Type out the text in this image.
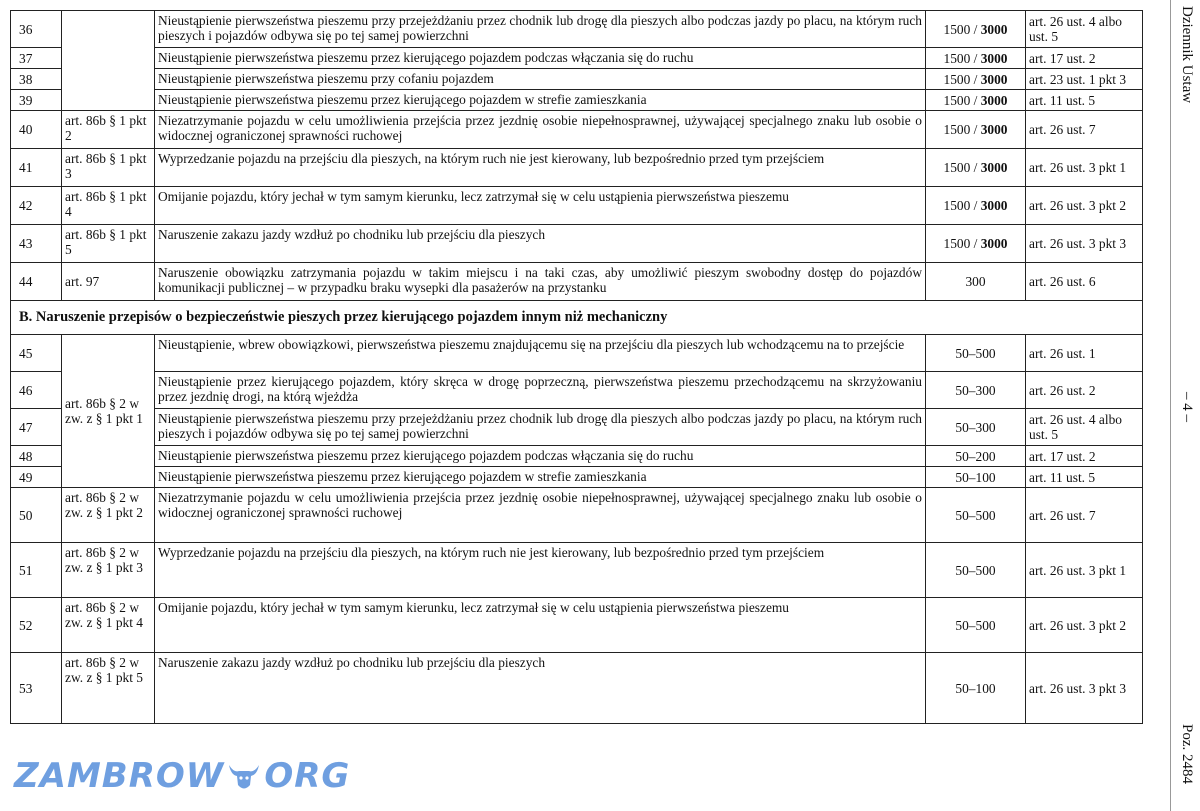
36		Nieustąpienie pierwszeństwa pieszemu przy przejeżdżaniu przez chodnik lub drogę dla pieszych albo podczas jazdy po placu, na którym ruch pieszych i pojazdów odbywa się po tej samej powierzchni	1500 / 3000	art. 26 ust. 4 albo ust. 5
37		Nieustąpienie pierwszeństwa pieszemu przez kierującego pojazdem podczas włączania się do ruchu	1500 / 3000	art. 17 ust. 2
38		Nieustąpienie pierwszeństwa pieszemu przy cofaniu pojazdem	1500 / 3000	art. 23 ust. 1 pkt 3
39		Nieustąpienie pierwszeństwa pieszemu przez kierującego pojazdem w strefie zamieszkania	1500 / 3000	art. 11 ust. 5
40	art. 86b § 1 pkt 2	Niezatrzymanie pojazdu w celu umożliwienia przejścia przez jezdnię osobie niepełnosprawnej, używającej specjalnego znaku lub osobie o widocznej ograniczonej sprawności ruchowej	1500 / 3000	art. 26 ust. 7
41	art. 86b § 1 pkt 3	Wyprzedzanie pojazdu na przejściu dla pieszych, na którym ruch nie jest kierowany, lub bezpośrednio przed tym przejściem	1500 / 3000	art. 26 ust. 3 pkt 1
42	art. 86b § 1 pkt 4	Omijanie pojazdu, który jechał w tym samym kierunku, lecz zatrzymał się w celu ustąpienia pierwszeństwa pieszemu	1500 / 3000	art. 26 ust. 3 pkt 2
43	art. 86b § 1 pkt 5	Naruszenie zakazu jazdy wzdłuż po chodniku lub przejściu dla pieszych	1500 / 3000	art. 26 ust. 3 pkt 3
44	art. 97	Naruszenie obowiązku zatrzymania pojazdu w takim miejscu i na taki czas, aby umożliwić pieszym swobodny dostęp do pojazdów komunikacji publicznej – w przypadku braku wysepki dla pasażerów na przystanku	300	art. 26 ust. 6
B. Naruszenie przepisów o bezpieczeństwie pieszych przez kierującego pojazdem innym niż mechaniczny				
45	art. 86b § 2 w zw. z § 1 pkt 1	Nieustąpienie, wbrew obowiązkowi, pierwszeństwa pieszemu znajdującemu się na przejściu dla pieszych lub wchodzącemu na to przejście	50–500	art. 26 ust. 1
46		Nieustąpienie przez kierującego pojazdem, który skręca w drogę poprzeczną, pierwszeństwa pieszemu przechodzącemu na skrzyżowaniu przez jezdnię drogi, na którą wjeżdża	50–300	art. 26 ust. 2
47		Nieustąpienie pierwszeństwa pieszemu przy przejeżdżaniu przez chodnik lub drogę dla pieszych albo podczas jazdy po placu, na którym ruch pieszych i pojazdów odbywa się po tej samej powierzchni	50–300	art. 26 ust. 4 albo ust. 5
48		Nieustąpienie pierwszeństwa pieszemu przez kierującego pojazdem podczas włączania się do ruchu	50–200	art. 17 ust. 2
49		Nieustąpienie pierwszeństwa pieszemu przez kierującego pojazdem w strefie zamieszkania	50–100	art. 11 ust. 5
50	art. 86b § 2 w zw. z § 1 pkt 2	Niezatrzymanie pojazdu w celu umożliwienia przejścia przez jezdnię osobie niepełnosprawnej, używającej specjalnego znaku lub osobie o widocznej ograniczonej sprawności ruchowej	50–500	art. 26 ust. 7
51	art. 86b § 2 w zw. z § 1 pkt 3	Wyprzedzanie pojazdu na przejściu dla pieszych, na którym ruch nie jest kierowany, lub bezpośrednio przed tym przejściem	50–500	art. 26 ust. 3 pkt 1
52	art. 86b § 2 w zw. z § 1 pkt 4	Omijanie pojazdu, który jechał w tym samym kierunku, lecz zatrzymał się w celu ustąpienia pierwszeństwa pieszemu	50–500	art. 26 ust. 3 pkt 2
53	art. 86b § 2 w zw. z § 1 pkt 5	Naruszenie zakazu jazdy wzdłuż po chodniku lub przejściu dla pieszych	50–100	art. 26 ust. 3 pkt 3
Dziennik Ustaw
– 4 –
Poz. 2484
ZAMBROW ORG
